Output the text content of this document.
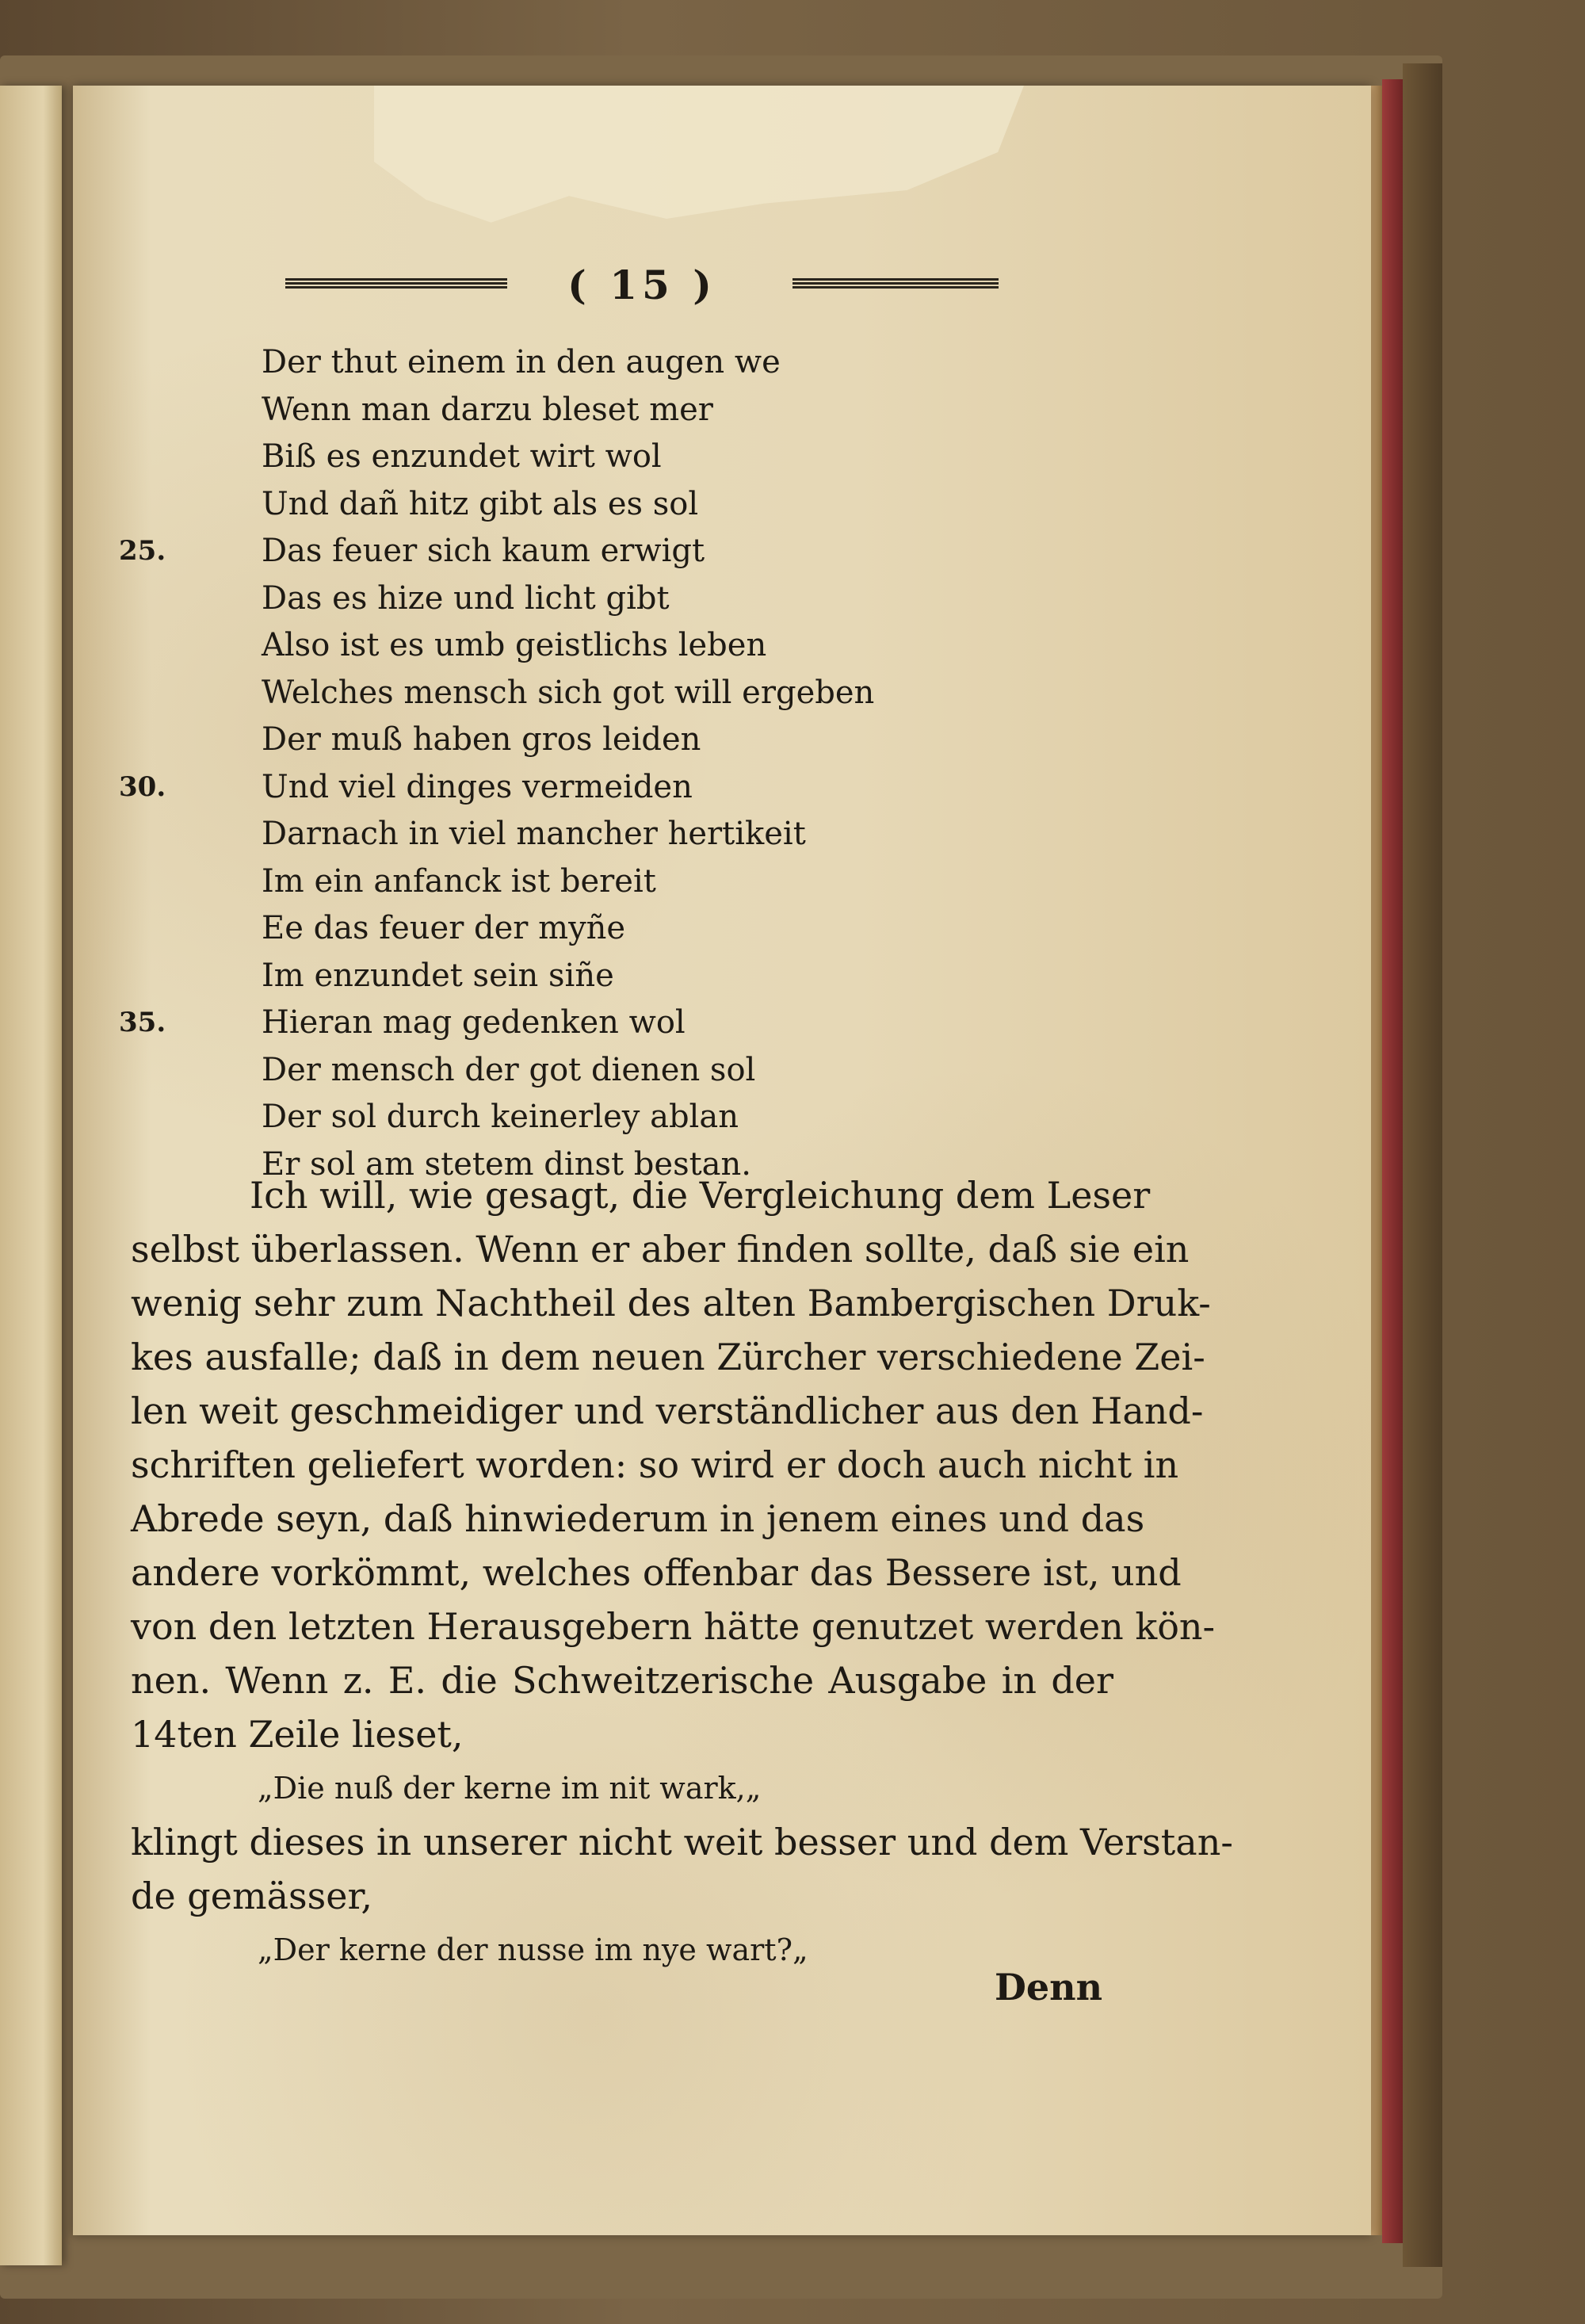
( 15 )
Der thut einem in den augen we
Wenn man darzu bleset mer
Biß es enzundet wirt wol
Und dañ hitz gibt als es sol
25.	Das feuer sich kaum erwigt
Das es hize und licht gibt
Also ist es umb geistlichs leben
Welches mensch sich got will ergeben
Der muß haben gros leiden
30.	Und viel dinges vermeiden
Darnach in viel mancher hertikeit
Im ein anfanck ist bereit
Ee das feuer der myñe
Im enzundet sein siñe
35.	Hieran mag gedenken wol
Der mensch der got dienen sol
Der sol durch keinerley ablan
Er sol am stetem dinst bestan.
Ich will, wie gesagt, die Vergleichung dem Leser
selbst überlassen. Wenn er aber finden sollte, daß sie ein
wenig sehr zum Nachtheil des alten Bambergischen Druk-
kes ausfalle; daß in dem neuen Zürcher verschiedene Zei-
len weit geschmeidiger und verständlicher aus den Hand-
schriften geliefert worden: so wird er doch auch nicht in
Abrede seyn, daß hinwiederum in jenem eines und das
andere vorkömmt, welches offenbar das Bessere ist, und
von den letzten Herausgebern hätte genutzet werden kön-
nen. Wenn z. E. die Schweitzerische Ausgabe in der
14ten Zeile lieset,
„Die nuß der kerne im nit wark,„
klingt dieses in unserer nicht weit besser und dem Verstan-
de gemässer,
„Der kerne der nusse im nye wart?„
Denn
